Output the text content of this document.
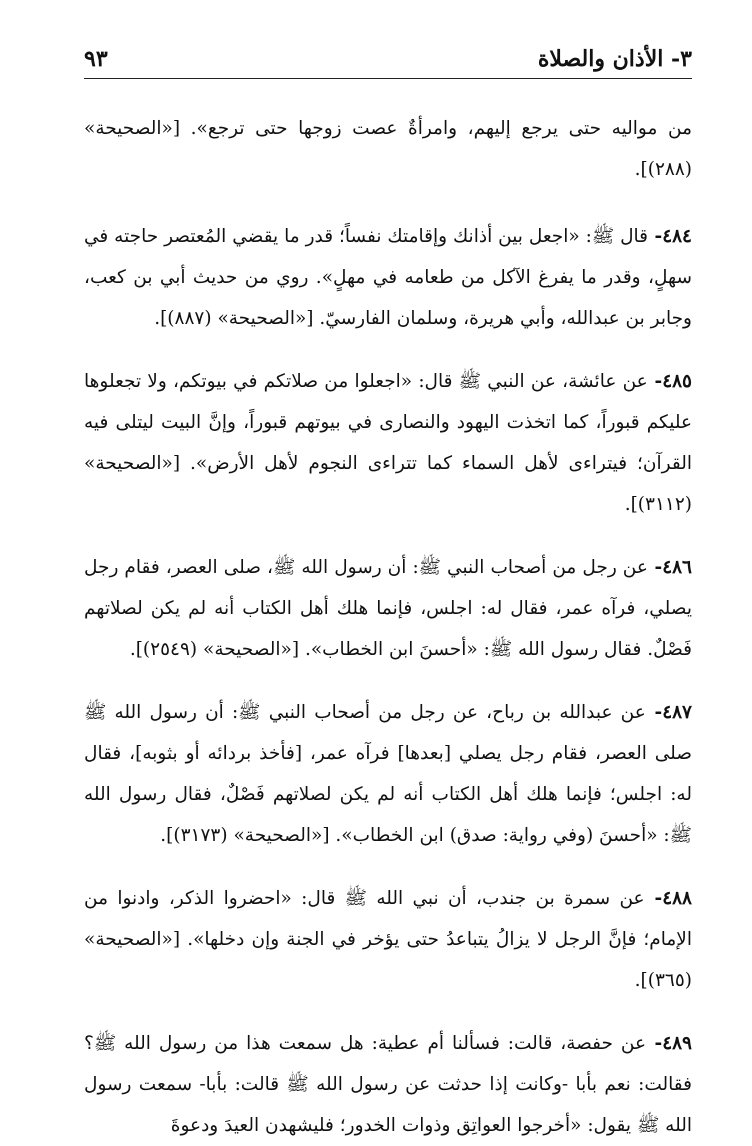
٣- الأذان والصلاة
٩٣

من مواليه حتى يرجع إليهم، وامرأةٌ عصت زوجها حتى ترجع». [«الصحيحة» (٢٨٨)].

٤٨٤- قال ﷺ: «اجعل بين أذانك وإقامتك نفساً؛ قدر ما يقضي المُعتصر حاجته في سهلٍ، وقدر ما يفرغ الآكل من طعامه في مهلٍ». روي من حديث أبي بن كعب، وجابر بن عبدالله، وأبي هريرة، وسلمان الفارسيّ. [«الصحيحة» (٨٨٧)].

٤٨٥- عن عائشة، عن النبي ﷺ قال: «اجعلوا من صلاتكم في بيوتكم، ولا تجعلوها عليكم قبوراً، كما اتخذت اليهود والنصارى في بيوتهم قبوراً، وإنَّ البيت ليتلى فيه القرآن؛ فيتراءى لأهل السماء كما تتراءى النجوم لأهل الأرض». [«الصحيحة» (٣١١٢)].

٤٨٦- عن رجل من أصحاب النبي ﷺ: أن رسول الله ﷺ، صلى العصر، فقام رجل يصلي، فرآه عمر، فقال له: اجلس، فإنما هلك أهل الكتاب أنه لم يكن لصلاتهم فَصْلٌ. فقال رسول الله ﷺ: «أحسنَ ابن الخطاب». [«الصحيحة» (٢٥٤٩)].

٤٨٧- عن عبدالله بن رباح، عن رجل من أصحاب النبي ﷺ: أن رسول الله ﷺ صلى العصر، فقام رجل يصلي [بعدها] فرآه عمر، [فأخذ بردائه أو بثوبه]، فقال له: اجلس؛ فإنما هلك أهل الكتاب أنه لم يكن لصلاتهم فَصْلٌ، فقال رسول الله ﷺ: «أحسنَ (وفي رواية: صدق) ابن الخطاب». [«الصحيحة» (٣١٧٣)].

٤٨٨- عن سمرة بن جندب، أن نبي الله ﷺ قال: «احضروا الذكر، وادنوا من الإمام؛ فإنَّ الرجل لا يزالُ يتباعدُ حتى يؤخر في الجنة وإن دخلها». [«الصحيحة» (٣٦٥)].

٤٨٩- عن حفصة، قالت: فسألنا أم عطية: هل سمعت هذا من رسول الله ﷺ؟ فقالت: نعم بأبا -وكانت إذا حدثت عن رسول الله ﷺ قالت: بأبا- سمعت رسول الله ﷺ يقول: «أخرجوا العواتِق وذوات الخدور؛ فليشهدن العيدَ ودعوةَ
